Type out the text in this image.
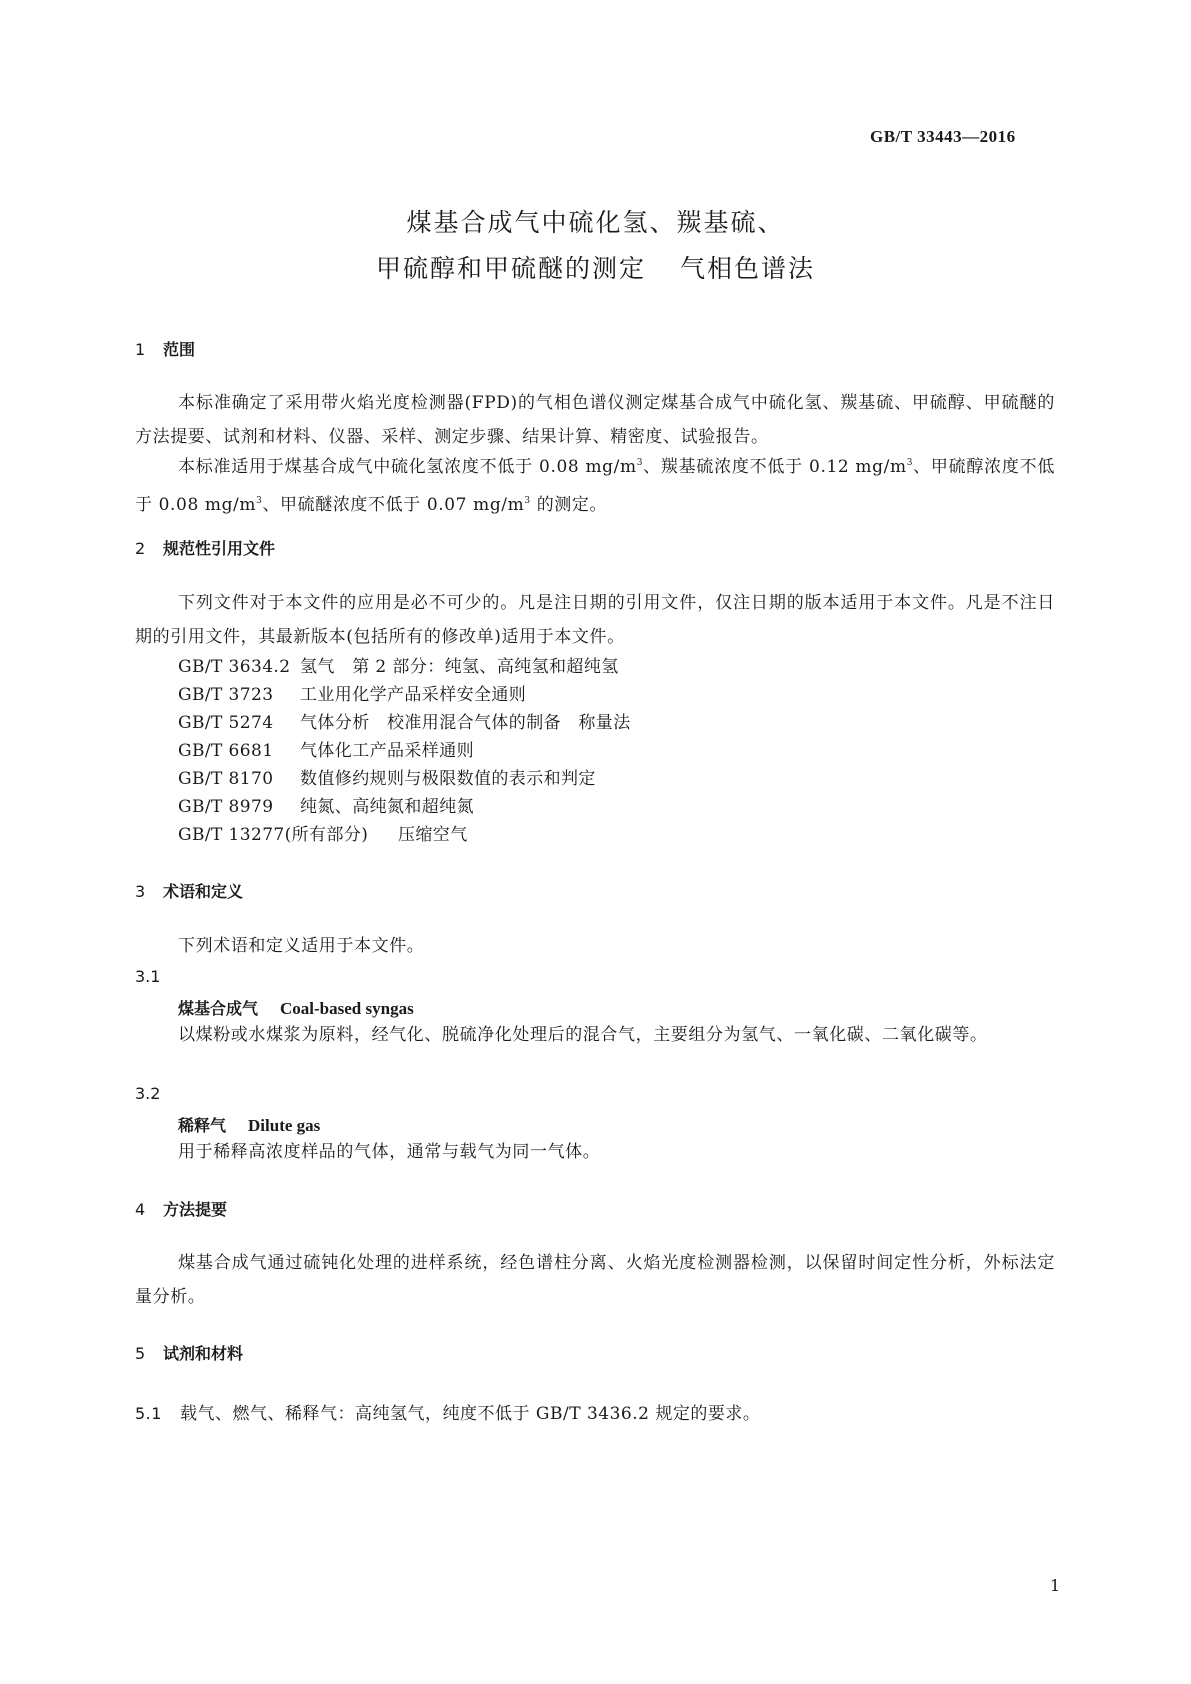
GB/T 33443—2016
煤基合成气中硫化氢、羰基硫、
甲硫醇和甲硫醚的测定 气相色谱法
1 范围
本标准确定了采用带火焰光度检测器(FPD)的气相色谱仪测定煤基合成气中硫化氢、羰基硫、甲硫醇、甲硫醚的方法提要、试剂和材料、仪器、采样、测定步骤、结果计算、精密度、试验报告。
本标准适用于煤基合成气中硫化氢浓度不低于 0.08 $mg/m^3$、羰基硫浓度不低于 0.12 $mg/m^3$、甲硫醇浓度不低于 0.08 $mg/m^3$、甲硫醚浓度不低于 0.07 $mg/m^3$ 的测定。
2 规范性引用文件
下列文件对于本文件的应用是必不可少的。凡是注日期的引用文件，仅注日期的版本适用于本文件。凡是不注日期的引用文件，其最新版本(包括所有的修改单)适用于本文件。
GB/T 3634.2 氢气　第 2 部分：纯氢、高纯氢和超纯氢
GB/T 3723 工业用化学产品采样安全通则
GB/T 5274 气体分析　校准用混合气体的制备　称量法
GB/T 6681 气体化工产品采样通则
GB/T 8170 数值修约规则与极限数值的表示和判定
GB/T 8979 纯氮、高纯氮和超纯氮
GB/T 13277(所有部分) 压缩空气
3 术语和定义
下列术语和定义适用于本文件。
3.1
煤基合成气 Coal-based syngas
以煤粉或水煤浆为原料，经气化、脱硫净化处理后的混合气，主要组分为氢气、一氧化碳、二氧化碳等。
3.2
稀释气 Dilute gas
用于稀释高浓度样品的气体，通常与载气为同一气体。
4 方法提要
煤基合成气通过硫钝化处理的进样系统，经色谱柱分离、火焰光度检测器检测，以保留时间定性分析，外标法定量分析。
5 试剂和材料
5.1 载气、燃气、稀释气：高纯氢气，纯度不低于 GB/T 3436.2 规定的要求。
1
